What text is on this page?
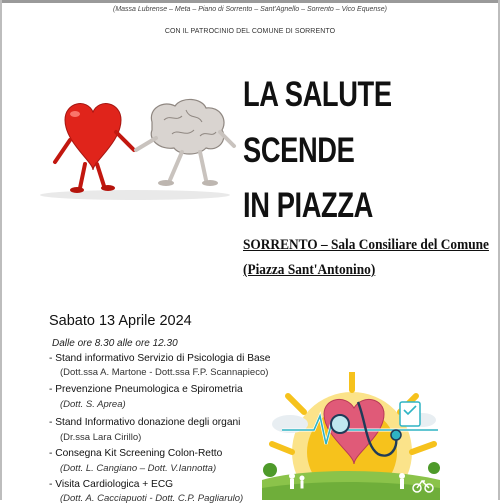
(Massa Lubrense – Meta – Piano di Sorrento – Sant'Agnello – Sorrento – Vico Equense)
CON IL PATROCINIO DEL COMUNE DI SORRENTO
LA SALUTE
SCENDE
IN PIAZZA
SORRENTO – Sala Consiliare del Comune
(Piazza Sant'Antonino)
Sabato 13 Aprile 2024
Dalle ore 8.30 alle ore 12.30
- Stand informativo Servizio di Psicologia di Base
(Dott.ssa A. Martone - Dott.ssa F.P. Scannapieco)
- Prevenzione Pneumologica e Spirometria
(Dott. S. Aprea)
- Stand Informativo donazione degli organi
(Dr.ssa Lara Cirillo)
- Consegna Kit Screening Colon-Retto
(Dott. L. Cangiano – Dott. V.Iannotta)
- Visita Cardiologica + ECG
(Dott. A. Cacciapuoti - Dott. C.P. Pagliarulo)
